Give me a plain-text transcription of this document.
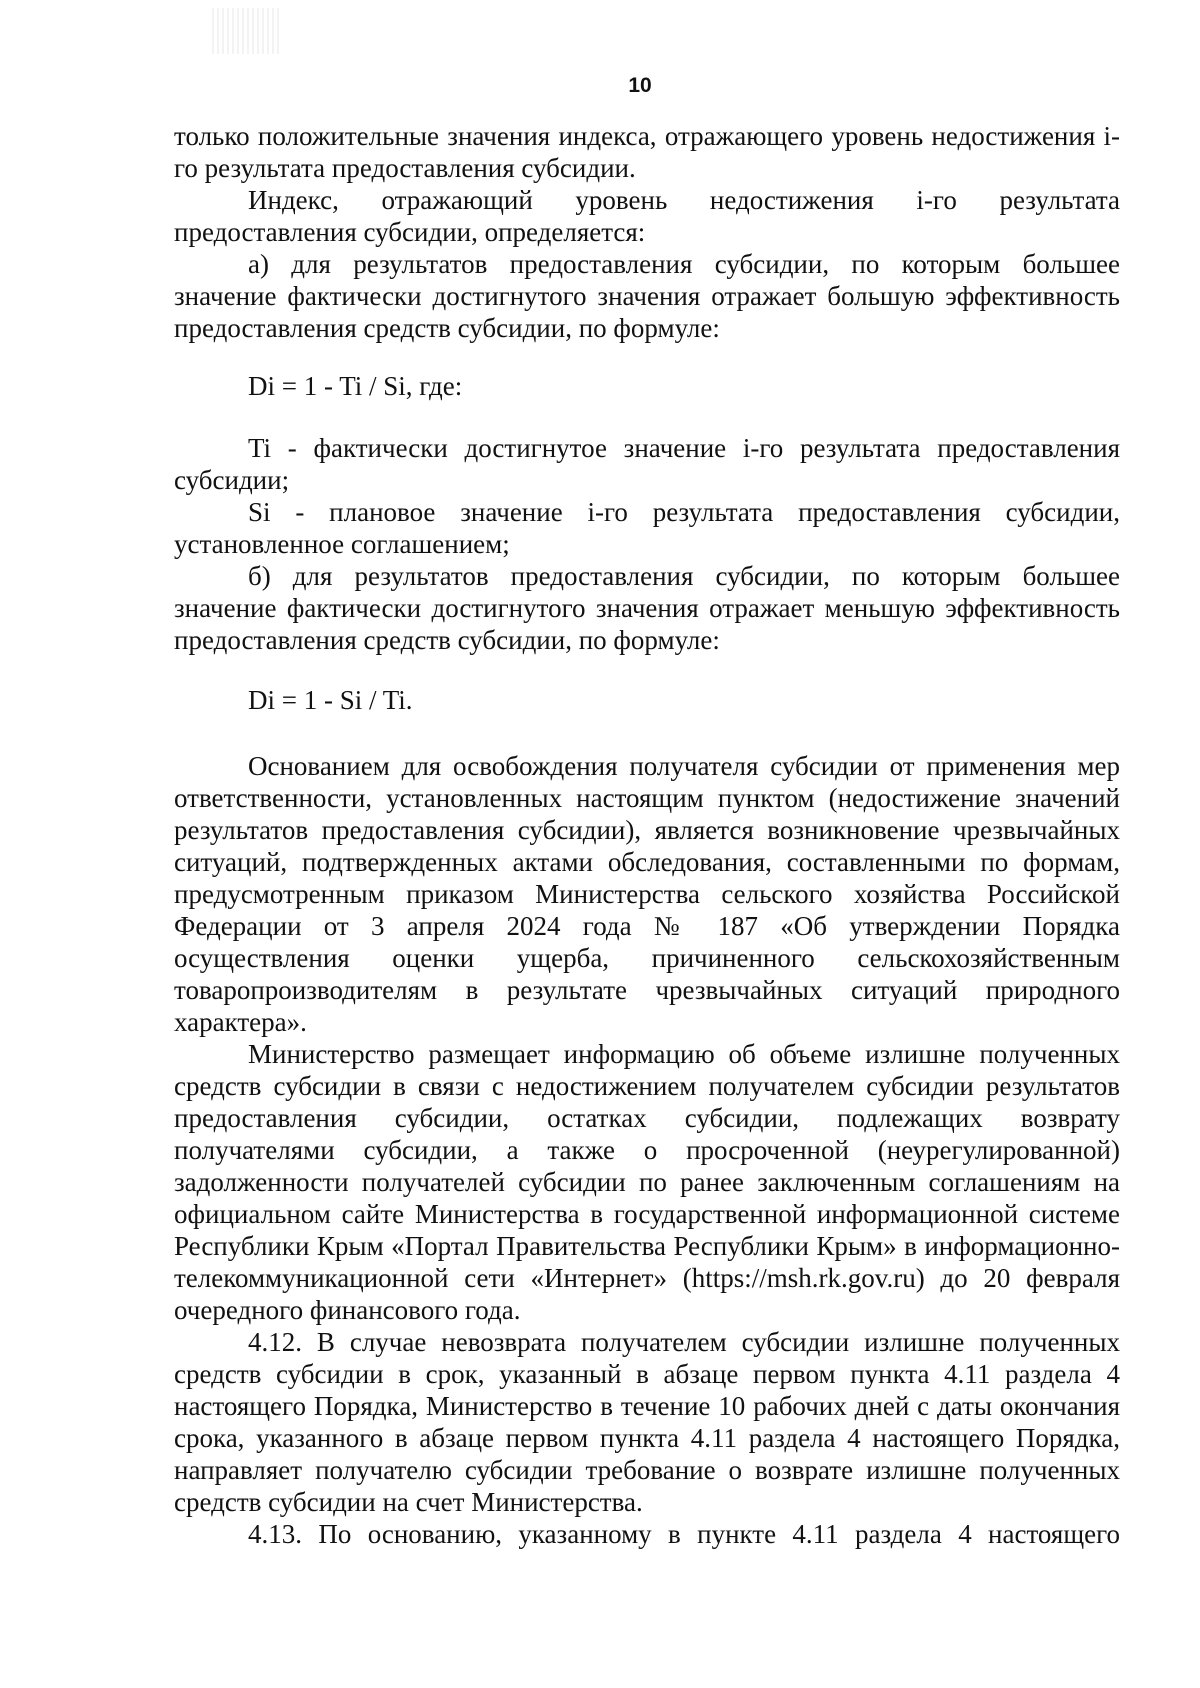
10

только положительные значения индекса, отражающего уровень недостижения i-го результата предоставления субсидии.

Индекс, отражающий уровень недостижения i-го результата предоставления субсидии, определяется:

а) для результатов предоставления субсидии, по которым большее значение фактически достигнутого значения отражает большую эффективность предоставления средств субсидии, по формуле:

Di = 1 - Ti / Si, где:

Ti - фактически достигнутое значение i-го результата предоставления субсидии;

Si - плановое значение i-го результата предоставления субсидии, установленное соглашением;

б) для результатов предоставления субсидии, по которым большее значение фактически достигнутого значения отражает меньшую эффективность предоставления средств субсидии, по формуле:

Di = 1 - Si / Ti.

Основанием для освобождения получателя субсидии от применения мер ответственности, установленных настоящим пунктом (недостижение значений результатов предоставления субсидии), является возникновение чрезвычайных ситуаций, подтвержденных актами обследования, составленными по формам, предусмотренным приказом Министерства сельского хозяйства Российской Федерации от 3 апреля 2024 года № 187 «Об утверждении Порядка осуществления оценки ущерба, причиненного сельскохозяйственным товаропроизводителям в результате чрезвычайных ситуаций природного характера».

Министерство размещает информацию об объеме излишне полученных средств субсидии в связи с недостижением получателем субсидии результатов предоставления субсидии, остатках субсидии, подлежащих возврату получателями субсидии, а также о просроченной (неурегулированной) задолженности получателей субсидии по ранее заключенным соглашениям на официальном сайте Министерства в государственной информационной системе Республики Крым «Портал Правительства Республики Крым» в информационно-телекоммуникационной сети «Интернет» (https://msh.rk.gov.ru) до 20 февраля очередного финансового года.

4.12. В случае невозврата получателем субсидии излишне полученных средств субсидии в срок, указанный в абзаце первом пункта 4.11 раздела 4 настоящего Порядка, Министерство в течение 10 рабочих дней с даты окончания срока, указанного в абзаце первом пункта 4.11 раздела 4 настоящего Порядка, направляет получателю субсидии требование о возврате излишне полученных средств субсидии на счет Министерства.

4.13. По основанию, указанному в пункте 4.11 раздела 4 настоящего
